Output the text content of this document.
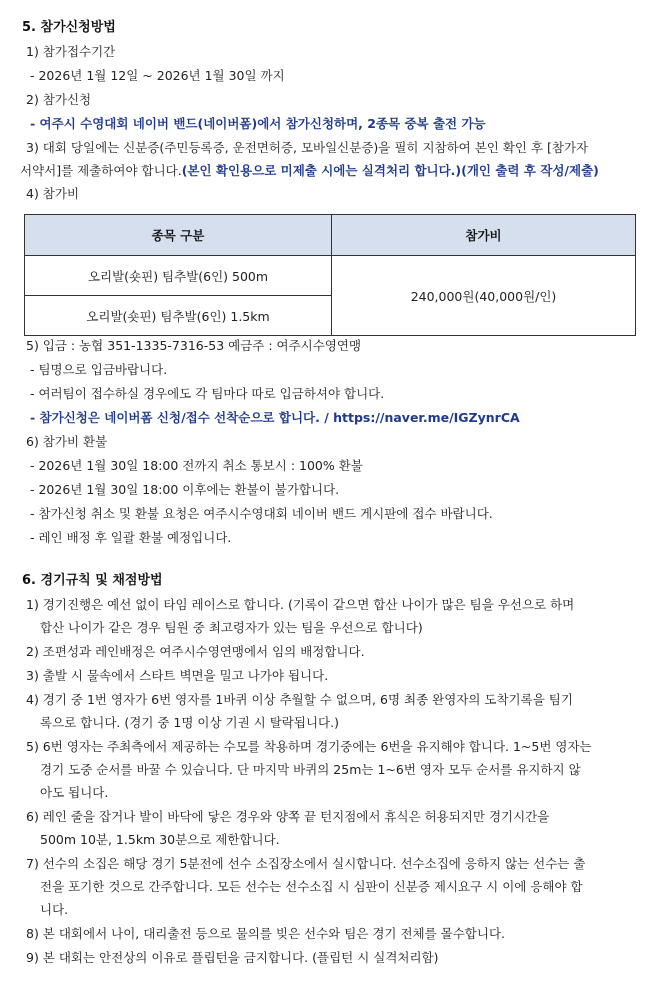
5. 참가신청방법
1) 참가접수기간
- 2026년 1월 12일 ~ 2026년 1월 30일 까지
2) 참가신청
- 여주시 수영대회 네이버 밴드(네이버폼)에서 참가신청하며, 2종목 중복 출전 가능
3) 대회 당일에는 신분증(주민등록증, 운전면허증, 모바일신분증)을 필히 지참하여 본인 확인 후 [참가자
서약서]를 제출하여야 합니다.(본인 확인용으로 미제출 시에는 실격처리 합니다.)(개인 출력 후 작성/제출)
4) 참가비
종목 구분	참가비
오리발(숏핀) 팀추발(6인) 500m	240,000원(40,000원/인)
오리발(숏핀) 팀추발(6인) 1.5km	
5) 입금 : 농협 351-1335-7316-53 예금주 : 여주시수영연맹
- 팀명으로 입금바랍니다.
- 여러팀이 접수하실 경우에도 각 팀마다 따로 입금하셔야 합니다.
- 참가신청은 네이버폼 신청/접수 선착순으로 합니다. / https://naver.me/IGZynrCA
6) 참가비 환불
- 2026년 1월 30일 18:00 전까지 취소 통보시 : 100% 환불
- 2026년 1월 30일 18:00 이후에는 환불이 불가합니다.
- 참가신청 취소 및 환불 요청은 여주시수영대회 네이버 밴드 게시판에 접수 바랍니다.
- 레인 배정 후 일괄 환불 예정입니다.
6. 경기규칙 및 채점방법
1) 경기진행은 예선 없이 타임 레이스로 합니다. (기록이 같으면 합산 나이가 많은 팀을 우선으로 하며
합산 나이가 같은 경우 팀원 중 최고령자가 있는 팀을 우선으로 합니다)
2) 조편성과 레인배정은 여주시수영연맹에서 임의 배정합니다.
3) 출발 시 물속에서 스타트 벽면을 밀고 나가야 됩니다.
4) 경기 중 1번 영자가 6번 영자를 1바퀴 이상 추월할 수 없으며, 6명 최종 완영자의 도착기록을 팀기
록으로 합니다. (경기 중 1명 이상 기권 시 탈락됩니다.)
5) 6번 영자는 주최측에서 제공하는 수모를 착용하며 경기중에는 6번을 유지해야 합니다. 1~5번 영자는
경기 도중 순서를 바꿀 수 있습니다. 단 마지막 바퀴의 25m는 1~6번 영자 모두 순서를 유지하지 않
아도 됩니다.
6) 레인 줄을 잡거나 발이 바닥에 닿은 경우와 양쪽 끝 턴지점에서 휴식은 허용되지만 경기시간을
500m 10분, 1.5km 30분으로 제한합니다.
7) 선수의 소집은 해당 경기 5분전에 선수 소집장소에서 실시합니다. 선수소집에 응하지 않는 선수는 출
전을 포기한 것으로 간주합니다. 모든 선수는 선수소집 시 심판이 신분증 제시요구 시 이에 응해야 합
니다.
8) 본 대회에서 나이, 대리출전 등으로 물의를 빚은 선수와 팀은 경기 전체를 몰수합니다.
9) 본 대회는 안전상의 이유로 플립턴을 금지합니다. (플립턴 시 실격처리함)
